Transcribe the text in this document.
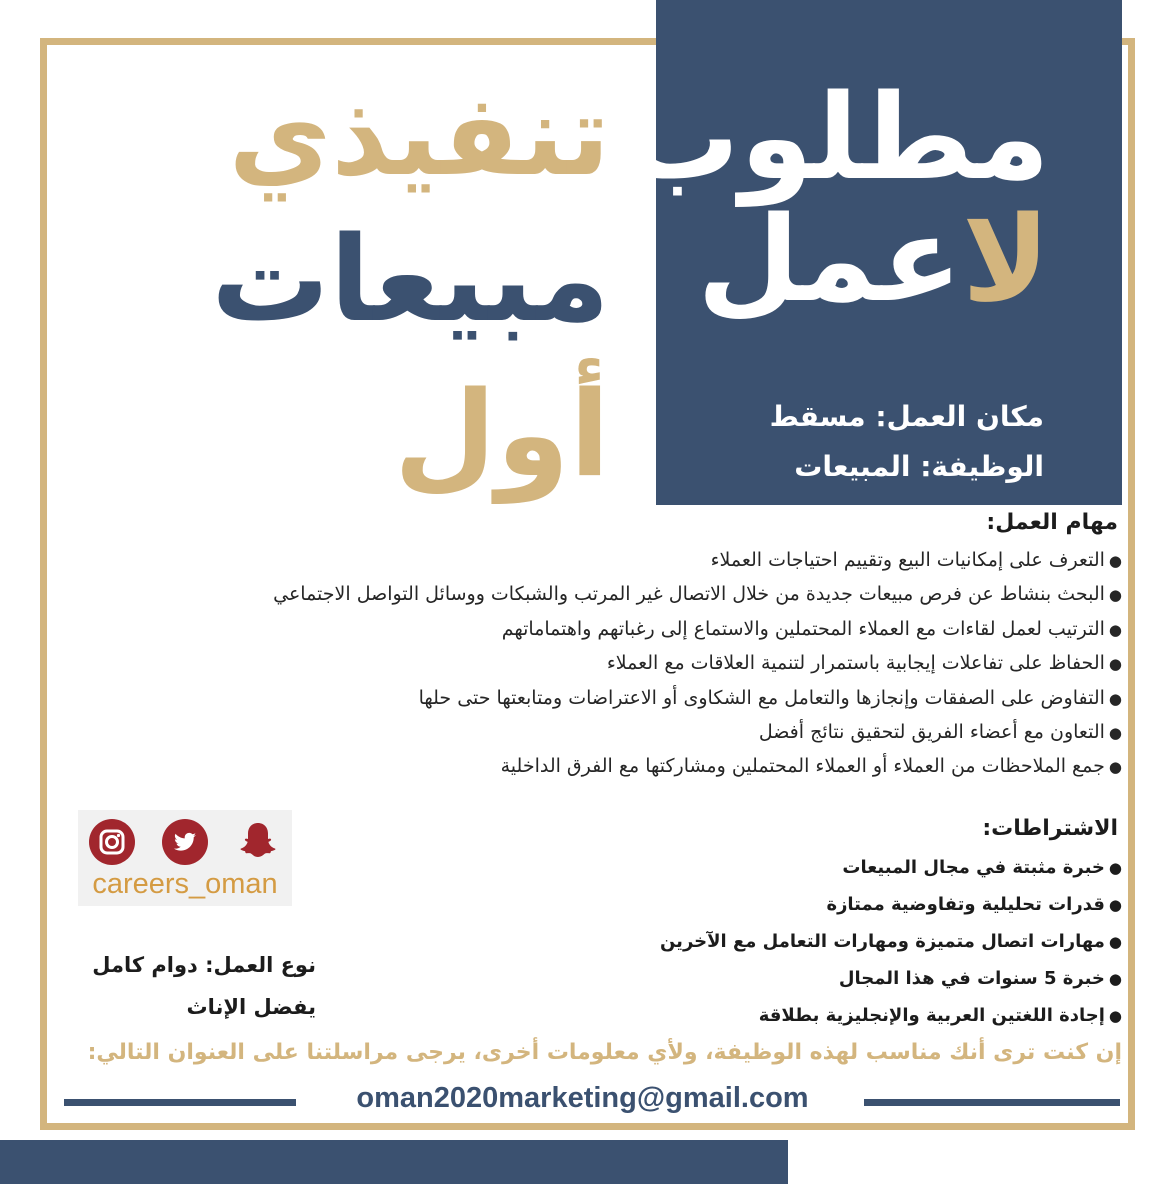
مطلوب
لاعمل
مكان العمل: مسقط
الوظيفة: المبيعات
تنفيذي
مبيعات
أول
مهام العمل:
●التعرف على إمكانيات البيع وتقييم احتياجات العملاء
●البحث بنشاط عن فرص مبيعات جديدة من خلال الاتصال غير المرتب والشبكات ووسائل التواصل الاجتماعي
●الترتيب لعمل لقاءات مع العملاء المحتملين والاستماع إلى رغباتهم واهتماماتهم
●الحفاظ على تفاعلات إيجابية باستمرار لتنمية العلاقات مع العملاء
●التفاوض على الصفقات وإنجازها والتعامل مع الشكاوى أو الاعتراضات ومتابعتها حتى حلها
●التعاون مع أعضاء الفريق لتحقيق نتائج أفضل
●جمع الملاحظات من العملاء أو العملاء المحتملين ومشاركتها مع الفرق الداخلية
الاشتراطات:
●خبرة مثبتة في مجال المبيعات
●قدرات تحليلية وتفاوضية ممتازة
●مهارات اتصال متميزة ومهارات التعامل مع الآخرين
●خبرة 5 سنوات في هذا المجال
●إجادة اللغتين العربية والإنجليزية بطلاقة
careers_oman
نوع العمل: دوام كامل
يفضل الإناث
إن كنت ترى أنك مناسب لهذه الوظيفة، ولأي معلومات أخرى، يرجى مراسلتنا على العنوان التالي:
oman2020marketing@gmail.com
